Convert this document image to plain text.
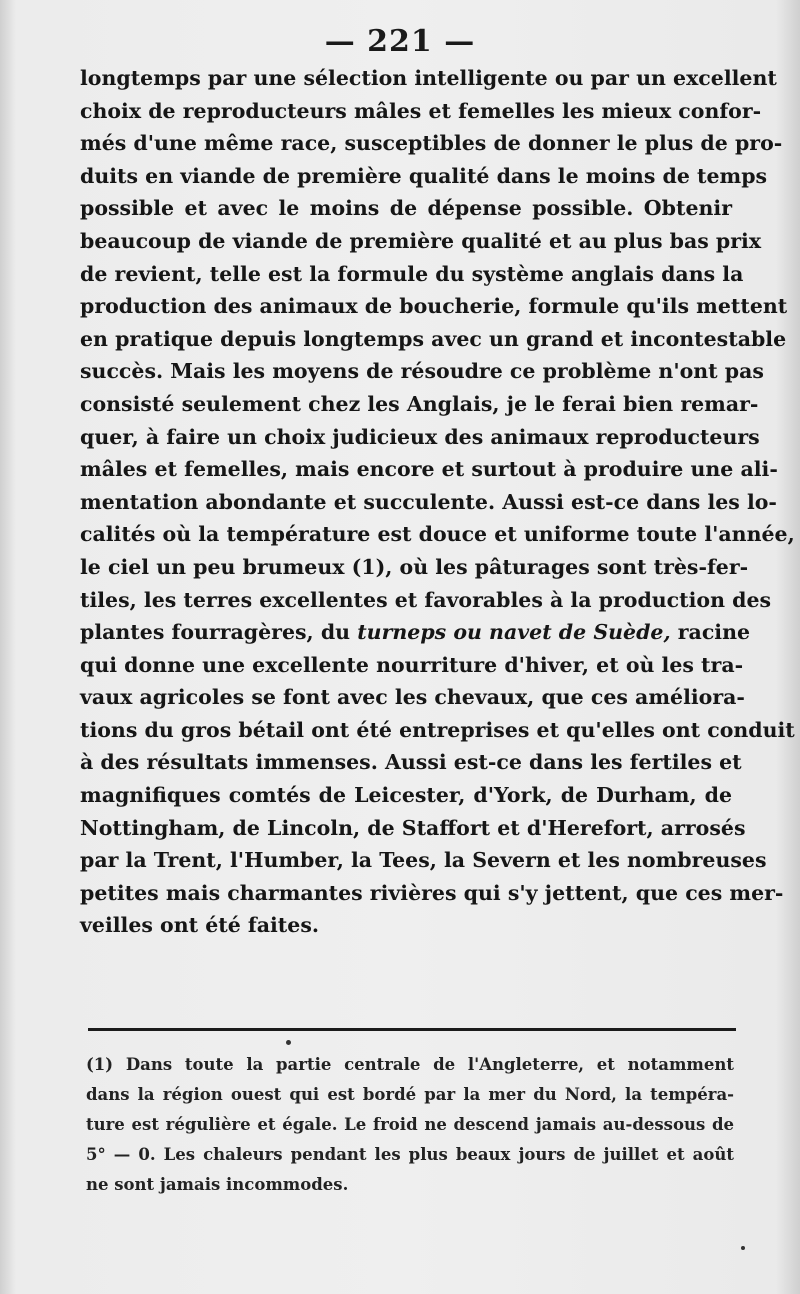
— 221 —
longtemps par une sélection intelligente ou par un excellent
choix de reproducteurs mâles et femelles les mieux confor-
més d'une même race, susceptibles de donner le plus de pro-
duits en viande de première qualité dans le moins de temps
possible et avec le moins de dépense possible. Obtenir
beaucoup de viande de première qualité et au plus bas prix
de revient, telle est la formule du système anglais dans la
production des animaux de boucherie, formule qu'ils mettent
en pratique depuis longtemps avec un grand et incontestable
succès. Mais les moyens de résoudre ce problème n'ont pas
consisté seulement chez les Anglais, je le ferai bien remar-
quer, à faire un choix judicieux des animaux reproducteurs
mâles et femelles, mais encore et surtout à produire une ali-
mentation abondante et succulente. Aussi est-ce dans les lo-
calités où la température est douce et uniforme toute l'année,
le ciel un peu brumeux (1), où les pâturages sont très-fer-
tiles, les terres excellentes et favorables à la production des
plantes fourragères, du turneps ou navet de Suède, racine
qui donne une excellente nourriture d'hiver, et où les tra-
vaux agricoles se font avec les chevaux, que ces améliora-
tions du gros bétail ont été entreprises et qu'elles ont conduit
à des résultats immenses. Aussi est-ce dans les fertiles et
magnifiques comtés de Leicester, d'York, de Durham, de
Nottingham, de Lincoln, de Staffort et d'Herefort, arrosés
par la Trent, l'Humber, la Tees, la Severn et les nombreuses
petites mais charmantes rivières qui s'y jettent, que ces mer-
veilles ont été faites.
(1) Dans toute la partie centrale de l'Angleterre, et notamment
dans la région ouest qui est bordé par la mer du Nord, la tempéra-
ture est régulière et égale. Le froid ne descend jamais au-dessous de
5° — 0. Les chaleurs pendant les plus beaux jours de juillet et août
ne sont jamais incommodes.
